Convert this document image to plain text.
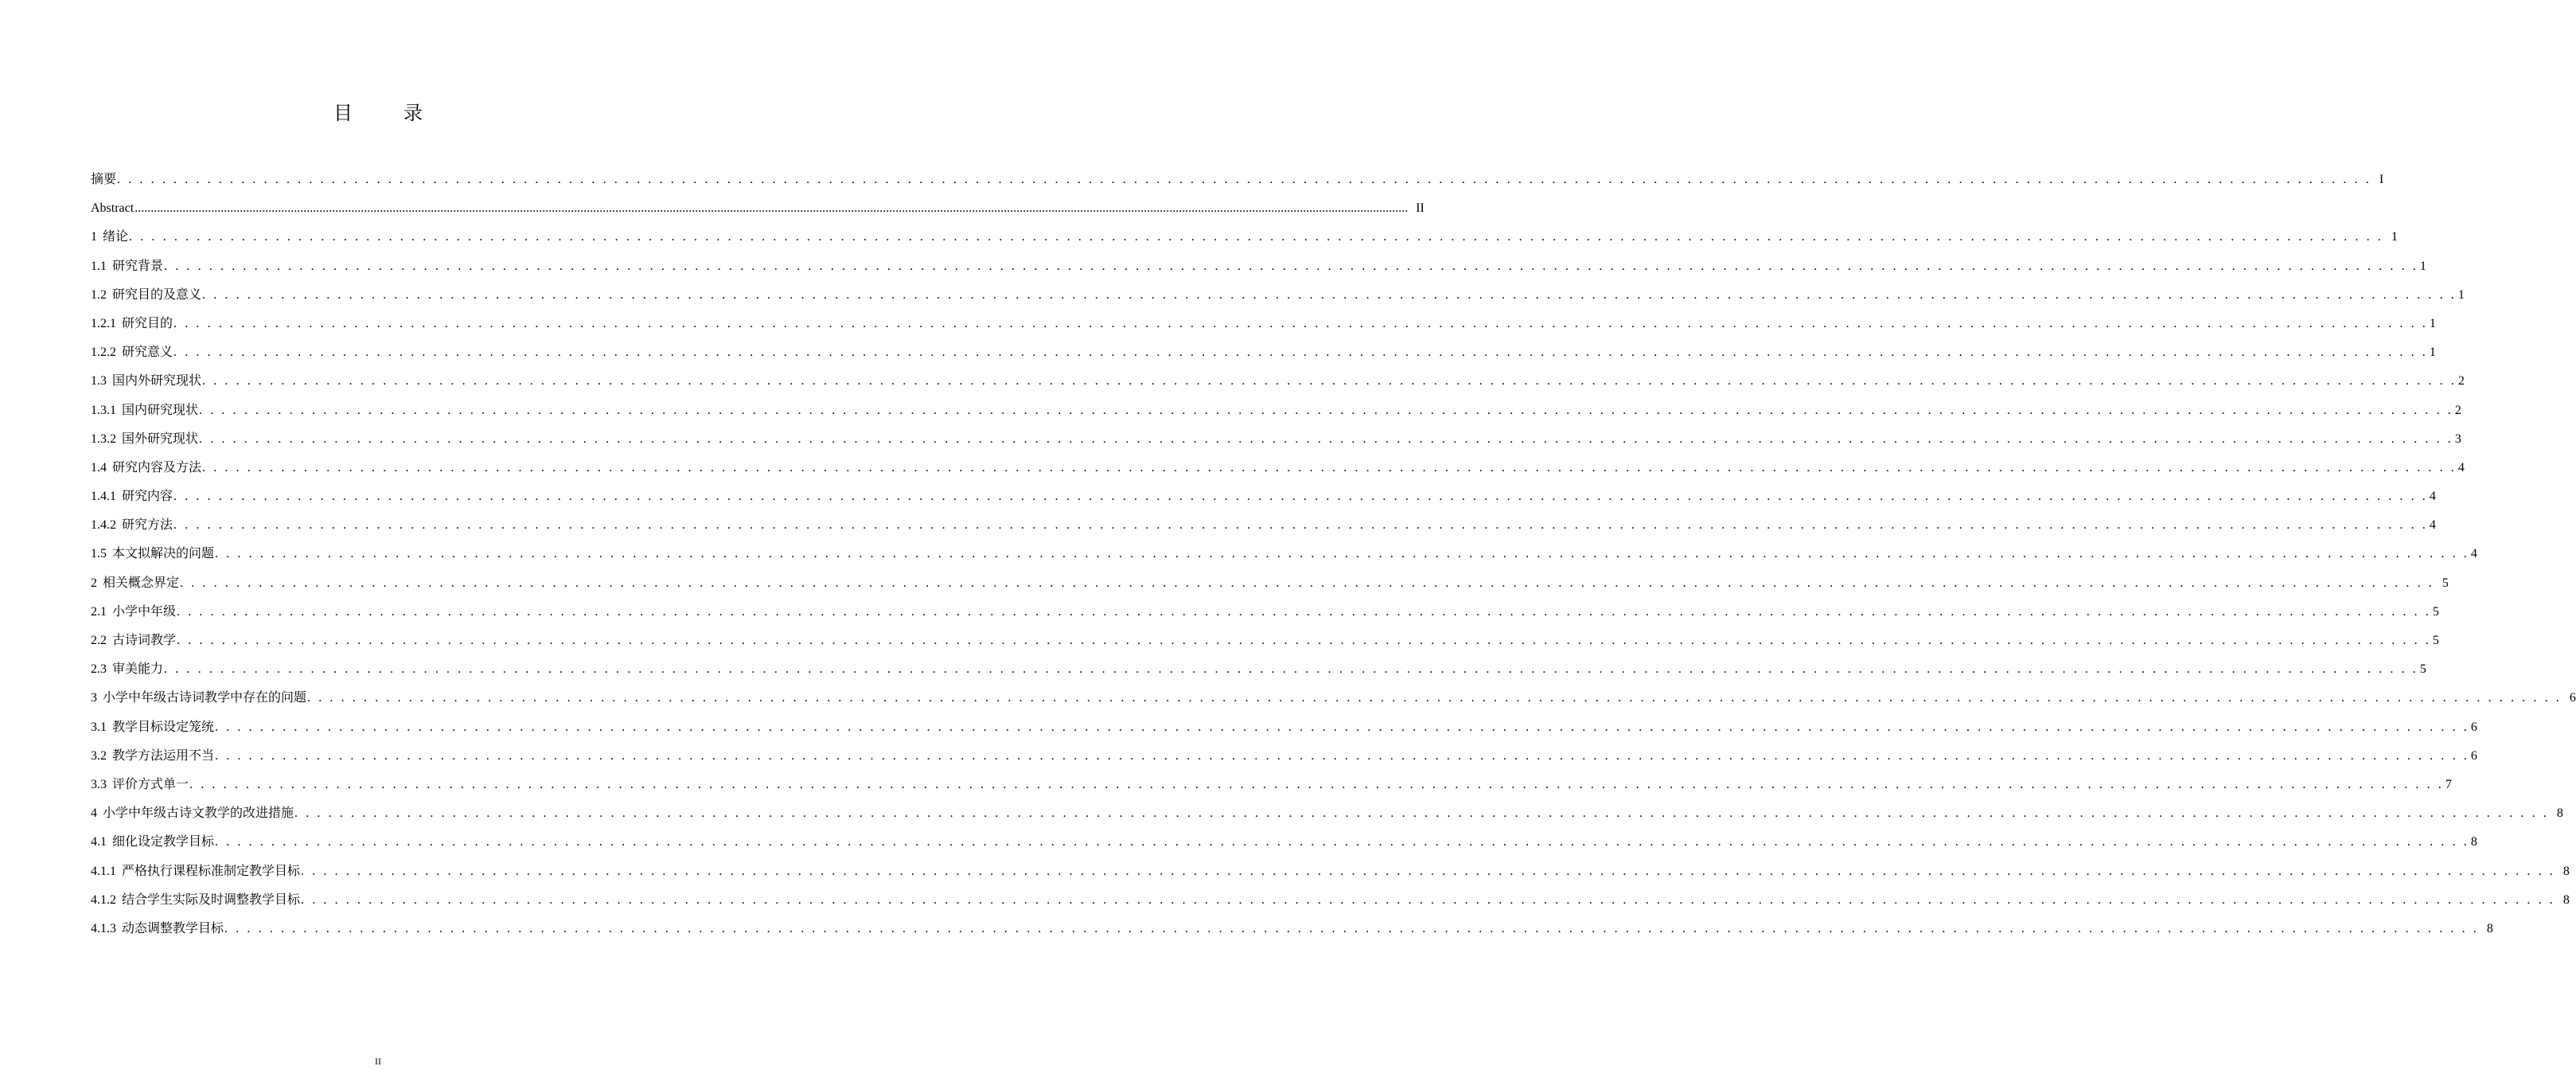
目　录
摘要 . . . . . . . . . . . . . . . . . . . . . . . . . . . . . . . . . . . . . . . . . . . . . . . . . . . . . . . . . . . . . . . . . . . . . . . . . . . . . . . . . . . . . . . . . . . . . . . . . . . . . . . . . . . . . . . . . . . . . . . . . . . . . . . . . . . . . . . . . . . . . . . . . . . . . . . . . . . . . . . . . . . . . . . . . . . . . . . . . . . . . . . . . . . . . . . . . . . . . . . . I
Abstract ................................................................................................................................................................................................................................................................................................................................................................................................................ II
1 绪论 . . . . . . . . . . . . . . . . . . . . . . . . . . . . . . . . . . . . . . . . . . . . . . . . . . . . . . . . . . . . . . . . . . . . . . . . . . . . . . . . . . . . . . . . . . . . . . . . . . . . . . . . . . . . . . . . . . . . . . . . . . . . . . . . . . . . . . . . . . . . . . . . . . . . . . . . . . . . . . . . . . . . . . . . . . . . . . . . . . . . . . . . . . . . . . . . . . . . . . . . 1
1.1 研究背景 . . . . . . . . . . . . . . . . . . . . . . . . . . . . . . . . . . . . . . . . . . . . . . . . . . . . . . . . . . . . . . . . . . . . . . . . . . . . . . . . . . . . . . . . . . . . . . . . . . . . . . . . . . . . . . . . . . . . . . . . . . . . . . . . . . . . . . . . . . . . . . . . . . . . . . . . . . . . . . . . . . . . . . . . . . . . . . . . . . . . . . . . . . . . . . . . . . . . . . . . 1
1.2 研究目的及意义 . . . . . . . . . . . . . . . . . . . . . . . . . . . . . . . . . . . . . . . . . . . . . . . . . . . . . . . . . . . . . . . . . . . . . . . . . . . . . . . . . . . . . . . . . . . . . . . . . . . . . . . . . . . . . . . . . . . . . . . . . . . . . . . . . . . . . . . . . . . . . . . . . . . . . . . . . . . . . . . . . . . . . . . . . . . . . . . . . . . . . . . . . . . . . . . . . . . . . . . . 1
1.2.1 研究目的 . . . . . . . . . . . . . . . . . . . . . . . . . . . . . . . . . . . . . . . . . . . . . . . . . . . . . . . . . . . . . . . . . . . . . . . . . . . . . . . . . . . . . . . . . . . . . . . . . . . . . . . . . . . . . . . . . . . . . . . . . . . . . . . . . . . . . . . . . . . . . . . . . . . . . . . . . . . . . . . . . . . . . . . . . . . . . . . . . . . . . . . . . . . . . . . . . . . . . . . . 1
1.2.2 研究意义 . . . . . . . . . . . . . . . . . . . . . . . . . . . . . . . . . . . . . . . . . . . . . . . . . . . . . . . . . . . . . . . . . . . . . . . . . . . . . . . . . . . . . . . . . . . . . . . . . . . . . . . . . . . . . . . . . . . . . . . . . . . . . . . . . . . . . . . . . . . . . . . . . . . . . . . . . . . . . . . . . . . . . . . . . . . . . . . . . . . . . . . . . . . . . . . . . . . . . . . . 1
1.3 国内外研究现状 . . . . . . . . . . . . . . . . . . . . . . . . . . . . . . . . . . . . . . . . . . . . . . . . . . . . . . . . . . . . . . . . . . . . . . . . . . . . . . . . . . . . . . . . . . . . . . . . . . . . . . . . . . . . . . . . . . . . . . . . . . . . . . . . . . . . . . . . . . . . . . . . . . . . . . . . . . . . . . . . . . . . . . . . . . . . . . . . . . . . . . . . . . . . . . . . . . . . . . . . 2
1.3.1 国内研究现状 . . . . . . . . . . . . . . . . . . . . . . . . . . . . . . . . . . . . . . . . . . . . . . . . . . . . . . . . . . . . . . . . . . . . . . . . . . . . . . . . . . . . . . . . . . . . . . . . . . . . . . . . . . . . . . . . . . . . . . . . . . . . . . . . . . . . . . . . . . . . . . . . . . . . . . . . . . . . . . . . . . . . . . . . . . . . . . . . . . . . . . . . . . . . . . . . . . . . . . . . 2
1.3.2 国外研究现状 . . . . . . . . . . . . . . . . . . . . . . . . . . . . . . . . . . . . . . . . . . . . . . . . . . . . . . . . . . . . . . . . . . . . . . . . . . . . . . . . . . . . . . . . . . . . . . . . . . . . . . . . . . . . . . . . . . . . . . . . . . . . . . . . . . . . . . . . . . . . . . . . . . . . . . . . . . . . . . . . . . . . . . . . . . . . . . . . . . . . . . . . . . . . . . . . . . . . . . . . 3
1.4 研究内容及方法 . . . . . . . . . . . . . . . . . . . . . . . . . . . . . . . . . . . . . . . . . . . . . . . . . . . . . . . . . . . . . . . . . . . . . . . . . . . . . . . . . . . . . . . . . . . . . . . . . . . . . . . . . . . . . . . . . . . . . . . . . . . . . . . . . . . . . . . . . . . . . . . . . . . . . . . . . . . . . . . . . . . . . . . . . . . . . . . . . . . . . . . . . . . . . . . . . . . . . . . . 4
1.4.1 研究内容 . . . . . . . . . . . . . . . . . . . . . . . . . . . . . . . . . . . . . . . . . . . . . . . . . . . . . . . . . . . . . . . . . . . . . . . . . . . . . . . . . . . . . . . . . . . . . . . . . . . . . . . . . . . . . . . . . . . . . . . . . . . . . . . . . . . . . . . . . . . . . . . . . . . . . . . . . . . . . . . . . . . . . . . . . . . . . . . . . . . . . . . . . . . . . . . . . . . . . . . . 4
1.4.2 研究方法 . . . . . . . . . . . . . . . . . . . . . . . . . . . . . . . . . . . . . . . . . . . . . . . . . . . . . . . . . . . . . . . . . . . . . . . . . . . . . . . . . . . . . . . . . . . . . . . . . . . . . . . . . . . . . . . . . . . . . . . . . . . . . . . . . . . . . . . . . . . . . . . . . . . . . . . . . . . . . . . . . . . . . . . . . . . . . . . . . . . . . . . . . . . . . . . . . . . . . . . . 4
1.5 本文拟解决的问题 . . . . . . . . . . . . . . . . . . . . . . . . . . . . . . . . . . . . . . . . . . . . . . . . . . . . . . . . . . . . . . . . . . . . . . . . . . . . . . . . . . . . . . . . . . . . . . . . . . . . . . . . . . . . . . . . . . . . . . . . . . . . . . . . . . . . . . . . . . . . . . . . . . . . . . . . . . . . . . . . . . . . . . . . . . . . . . . . . . . . . . . . . . . . . . . . . . . . . . . . 4
2 相关概念界定 . . . . . . . . . . . . . . . . . . . . . . . . . . . . . . . . . . . . . . . . . . . . . . . . . . . . . . . . . . . . . . . . . . . . . . . . . . . . . . . . . . . . . . . . . . . . . . . . . . . . . . . . . . . . . . . . . . . . . . . . . . . . . . . . . . . . . . . . . . . . . . . . . . . . . . . . . . . . . . . . . . . . . . . . . . . . . . . . . . . . . . . . . . . . . . . . . . . . . . . . 5
2.1 小学中年级 . . . . . . . . . . . . . . . . . . . . . . . . . . . . . . . . . . . . . . . . . . . . . . . . . . . . . . . . . . . . . . . . . . . . . . . . . . . . . . . . . . . . . . . . . . . . . . . . . . . . . . . . . . . . . . . . . . . . . . . . . . . . . . . . . . . . . . . . . . . . . . . . . . . . . . . . . . . . . . . . . . . . . . . . . . . . . . . . . . . . . . . . . . . . . . . . . . . . . . . . 5
2.2 古诗词教学 . . . . . . . . . . . . . . . . . . . . . . . . . . . . . . . . . . . . . . . . . . . . . . . . . . . . . . . . . . . . . . . . . . . . . . . . . . . . . . . . . . . . . . . . . . . . . . . . . . . . . . . . . . . . . . . . . . . . . . . . . . . . . . . . . . . . . . . . . . . . . . . . . . . . . . . . . . . . . . . . . . . . . . . . . . . . . . . . . . . . . . . . . . . . . . . . . . . . . . . . 5
2.3 审美能力 . . . . . . . . . . . . . . . . . . . . . . . . . . . . . . . . . . . . . . . . . . . . . . . . . . . . . . . . . . . . . . . . . . . . . . . . . . . . . . . . . . . . . . . . . . . . . . . . . . . . . . . . . . . . . . . . . . . . . . . . . . . . . . . . . . . . . . . . . . . . . . . . . . . . . . . . . . . . . . . . . . . . . . . . . . . . . . . . . . . . . . . . . . . . . . . . . . . . . . . . 5
3 小学中年级古诗词教学中存在的问题 . . . . . . . . . . . . . . . . . . . . . . . . . . . . . . . . . . . . . . . . . . . . . . . . . . . . . . . . . . . . . . . . . . . . . . . . . . . . . . . . . . . . . . . . . . . . . . . . . . . . . . . . . . . . . . . . . . . . . . . . . . . . . . . . . . . . . . . . . . . . . . . . . . . . . . . . . . . . . . . . . . . . . . . . . . . . . . . . . . . . . . . . . . . . . . . . . . . . . . . . 6
3.1 教学目标设定笼统 . . . . . . . . . . . . . . . . . . . . . . . . . . . . . . . . . . . . . . . . . . . . . . . . . . . . . . . . . . . . . . . . . . . . . . . . . . . . . . . . . . . . . . . . . . . . . . . . . . . . . . . . . . . . . . . . . . . . . . . . . . . . . . . . . . . . . . . . . . . . . . . . . . . . . . . . . . . . . . . . . . . . . . . . . . . . . . . . . . . . . . . . . . . . . . . . . . . . . . . . 6
3.2 教学方法运用不当 . . . . . . . . . . . . . . . . . . . . . . . . . . . . . . . . . . . . . . . . . . . . . . . . . . . . . . . . . . . . . . . . . . . . . . . . . . . . . . . . . . . . . . . . . . . . . . . . . . . . . . . . . . . . . . . . . . . . . . . . . . . . . . . . . . . . . . . . . . . . . . . . . . . . . . . . . . . . . . . . . . . . . . . . . . . . . . . . . . . . . . . . . . . . . . . . . . . . . . . . 6
3.3 评价方式单一 . . . . . . . . . . . . . . . . . . . . . . . . . . . . . . . . . . . . . . . . . . . . . . . . . . . . . . . . . . . . . . . . . . . . . . . . . . . . . . . . . . . . . . . . . . . . . . . . . . . . . . . . . . . . . . . . . . . . . . . . . . . . . . . . . . . . . . . . . . . . . . . . . . . . . . . . . . . . . . . . . . . . . . . . . . . . . . . . . . . . . . . . . . . . . . . . . . . . . . . . 7
4 小学中年级古诗文教学的改进措施 . . . . . . . . . . . . . . . . . . . . . . . . . . . . . . . . . . . . . . . . . . . . . . . . . . . . . . . . . . . . . . . . . . . . . . . . . . . . . . . . . . . . . . . . . . . . . . . . . . . . . . . . . . . . . . . . . . . . . . . . . . . . . . . . . . . . . . . . . . . . . . . . . . . . . . . . . . . . . . . . . . . . . . . . . . . . . . . . . . . . . . . . . . . . . . . . . . . . . . . . 8
4.1 细化设定教学目标 . . . . . . . . . . . . . . . . . . . . . . . . . . . . . . . . . . . . . . . . . . . . . . . . . . . . . . . . . . . . . . . . . . . . . . . . . . . . . . . . . . . . . . . . . . . . . . . . . . . . . . . . . . . . . . . . . . . . . . . . . . . . . . . . . . . . . . . . . . . . . . . . . . . . . . . . . . . . . . . . . . . . . . . . . . . . . . . . . . . . . . . . . . . . . . . . . . . . . . . . 8
4.1.1 严格执行课程标准制定教学目标 . . . . . . . . . . . . . . . . . . . . . . . . . . . . . . . . . . . . . . . . . . . . . . . . . . . . . . . . . . . . . . . . . . . . . . . . . . . . . . . . . . . . . . . . . . . . . . . . . . . . . . . . . . . . . . . . . . . . . . . . . . . . . . . . . . . . . . . . . . . . . . . . . . . . . . . . . . . . . . . . . . . . . . . . . . . . . . . . . . . . . . . . . . . . . . . . . . . . . . . . 8
4.1.2 结合学生实际及时调整教学目标 . . . . . . . . . . . . . . . . . . . . . . . . . . . . . . . . . . . . . . . . . . . . . . . . . . . . . . . . . . . . . . . . . . . . . . . . . . . . . . . . . . . . . . . . . . . . . . . . . . . . . . . . . . . . . . . . . . . . . . . . . . . . . . . . . . . . . . . . . . . . . . . . . . . . . . . . . . . . . . . . . . . . . . . . . . . . . . . . . . . . . . . . . . . . . . . . . . . . . . . . 8
4.1.3 动态调整教学目标 . . . . . . . . . . . . . . . . . . . . . . . . . . . . . . . . . . . . . . . . . . . . . . . . . . . . . . . . . . . . . . . . . . . . . . . . . . . . . . . . . . . . . . . . . . . . . . . . . . . . . . . . . . . . . . . . . . . . . . . . . . . . . . . . . . . . . . . . . . . . . . . . . . . . . . . . . . . . . . . . . . . . . . . . . . . . . . . . . . . . . . . . . . . . . . . . . . . . . . . . 8
II
